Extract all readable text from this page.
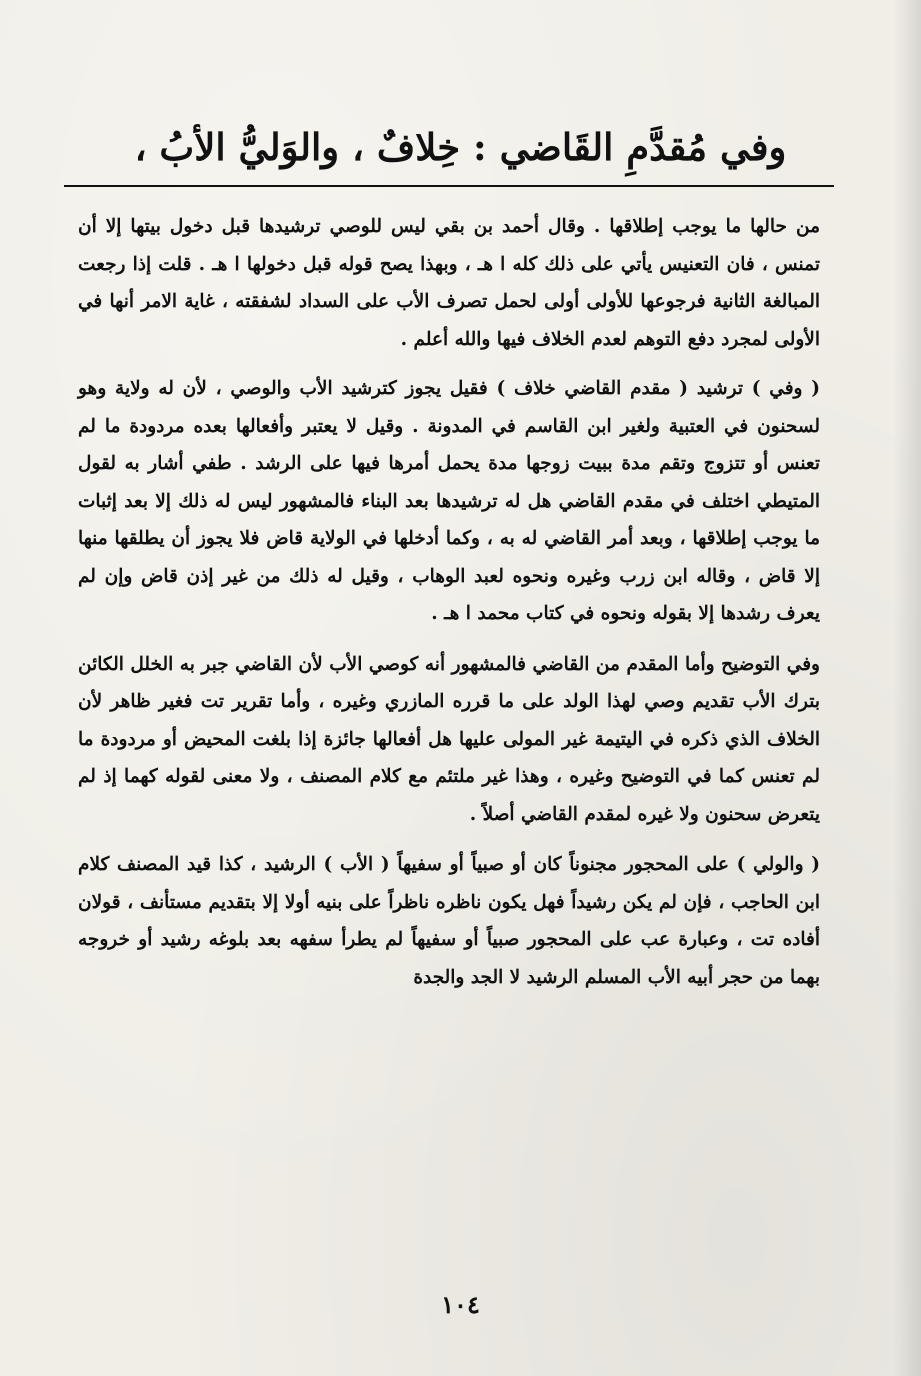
وفي مُقدَّمِ القَاضي : خِلافٌ ، والوَليُّ الأبُ ،
من حالها ما يوجب إطلاقها . وقال أحمد بن بقي ليس للوصي ترشيدها قبل دخول بيتها إلا أن تمنس ، فان التعنيس يأتي على ذلك كله ا هـ ، وبهذا يصح قوله قبل دخولها ا هـ . قلت إذا رجعت المبالغة الثانية فرجوعها للأولى أولى لحمل تصرف الأب على السداد لشفقته ، غاية الامر أنها في الأولى لمجرد دفع التوهم لعدم الخلاف فيها والله أعلم .
( وفي ) ترشيد ( مقدم القاضي خلاف ) فقيل يجوز كترشيد الأب والوصي ، لأن له ولاية وهو لسحنون في العتبية ولغير ابن القاسم في المدونة . وقيل لا يعتبر وأفعالها بعده مردودة ما لم تعنس أو تتزوج وتقم مدة ببيت زوجها مدة يحمل أمرها فيها على الرشد . طفي أشار به لقول المتيطي اختلف في مقدم القاضي هل له ترشيدها بعد البناء فالمشهور ليس له ذلك إلا بعد إثبات ما يوجب إطلاقها ، وبعد أمر القاضي له به ، وكما أدخلها في الولاية قاض فلا يجوز أن يطلقها منها إلا قاض ، وقاله ابن زرب وغيره ونحوه لعبد الوهاب ، وقيل له ذلك من غير إذن قاض وإن لم يعرف رشدها إلا بقوله ونحوه في كتاب محمد ا هـ .
وفي التوضيح وأما المقدم من القاضي فالمشهور أنه كوصي الأب لأن القاضي جبر به الخلل الكائن بترك الأب تقديم وصي لهذا الولد على ما قرره المازري وغيره ، وأما تقرير تت فغير ظاهر لأن الخلاف الذي ذكره في اليتيمة غير المولى عليها هل أفعالها جائزة إذا بلغت المحيض أو مردودة ما لم تعنس كما في التوضيح وغيره ، وهذا غير ملتئم مع كلام المصنف ، ولا معنى لقوله كهما إذ لم يتعرض سحنون ولا غيره لمقدم القاضي أصلاً .
( والولي ) على المحجور مجنوناً كان أو صبياً أو سفيهاً ( الأب ) الرشيد ، كذا قيد المصنف كلام ابن الحاجب ، فإن لم يكن رشيداً فهل يكون ناظره ناظراً على بنيه أولا إلا بتقديم مستأنف ، قولان أفاده تت ، وعبارة عب على المحجور صبياً أو سفيهاً لم يطرأ سفهه بعد بلوغه رشيد أو خروجه بهما من حجر أبيه الأب المسلم الرشيد لا الجد والجدة
١٠٤
